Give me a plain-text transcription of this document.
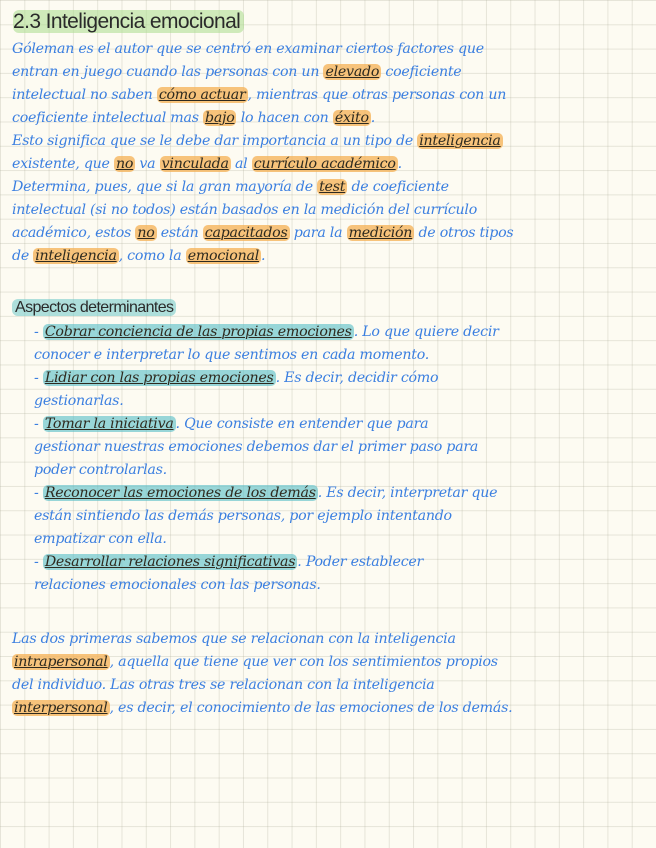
2.3 Inteligencia emocional
Góleman es el autor que se centró en examinar ciertos factores que
entran en juego cuando las personas con un elevado coeficiente
intelectual no saben cómo actuar , mientras que otras personas con un
coeficiente intelectual mas bajo lo hacen con éxito .
Esto significa que se le debe dar importancia a un tipo de inteligencia
existente, que no va vinculada al currículo académico .
Determina, pues, que si la gran mayoría de test de coeficiente
intelectual (si no todos) están basados en la medición del currículo
académico, estos no están capacitados para la medición de otros tipos
de inteligencia , como la emocional .
Aspectos determinantes
- Cobrar conciencia de las propias emociones . Lo que quiere decir
conocer e interpretar lo que sentimos en cada momento.
- Lidiar con las propias emociones . Es decir, decidir cómo
gestionarlas.
- Tomar la iniciativa . Que consiste en entender que para
gestionar nuestras emociones debemos dar el primer paso para
poder controlarlas.
- Reconocer las emociones de los demás . Es decir, interpretar que
están sintiendo las demás personas, por ejemplo intentando
empatizar con ella.
- Desarrollar relaciones significativas . Poder establecer
relaciones emocionales con las personas.
Las dos primeras sabemos que se relacionan con la inteligencia
intrapersonal , aquella que tiene que ver con los sentimientos propios
del individuo. Las otras tres se relacionan con la inteligencia
interpersonal , es decir, el conocimiento de las emociones de los demás.
